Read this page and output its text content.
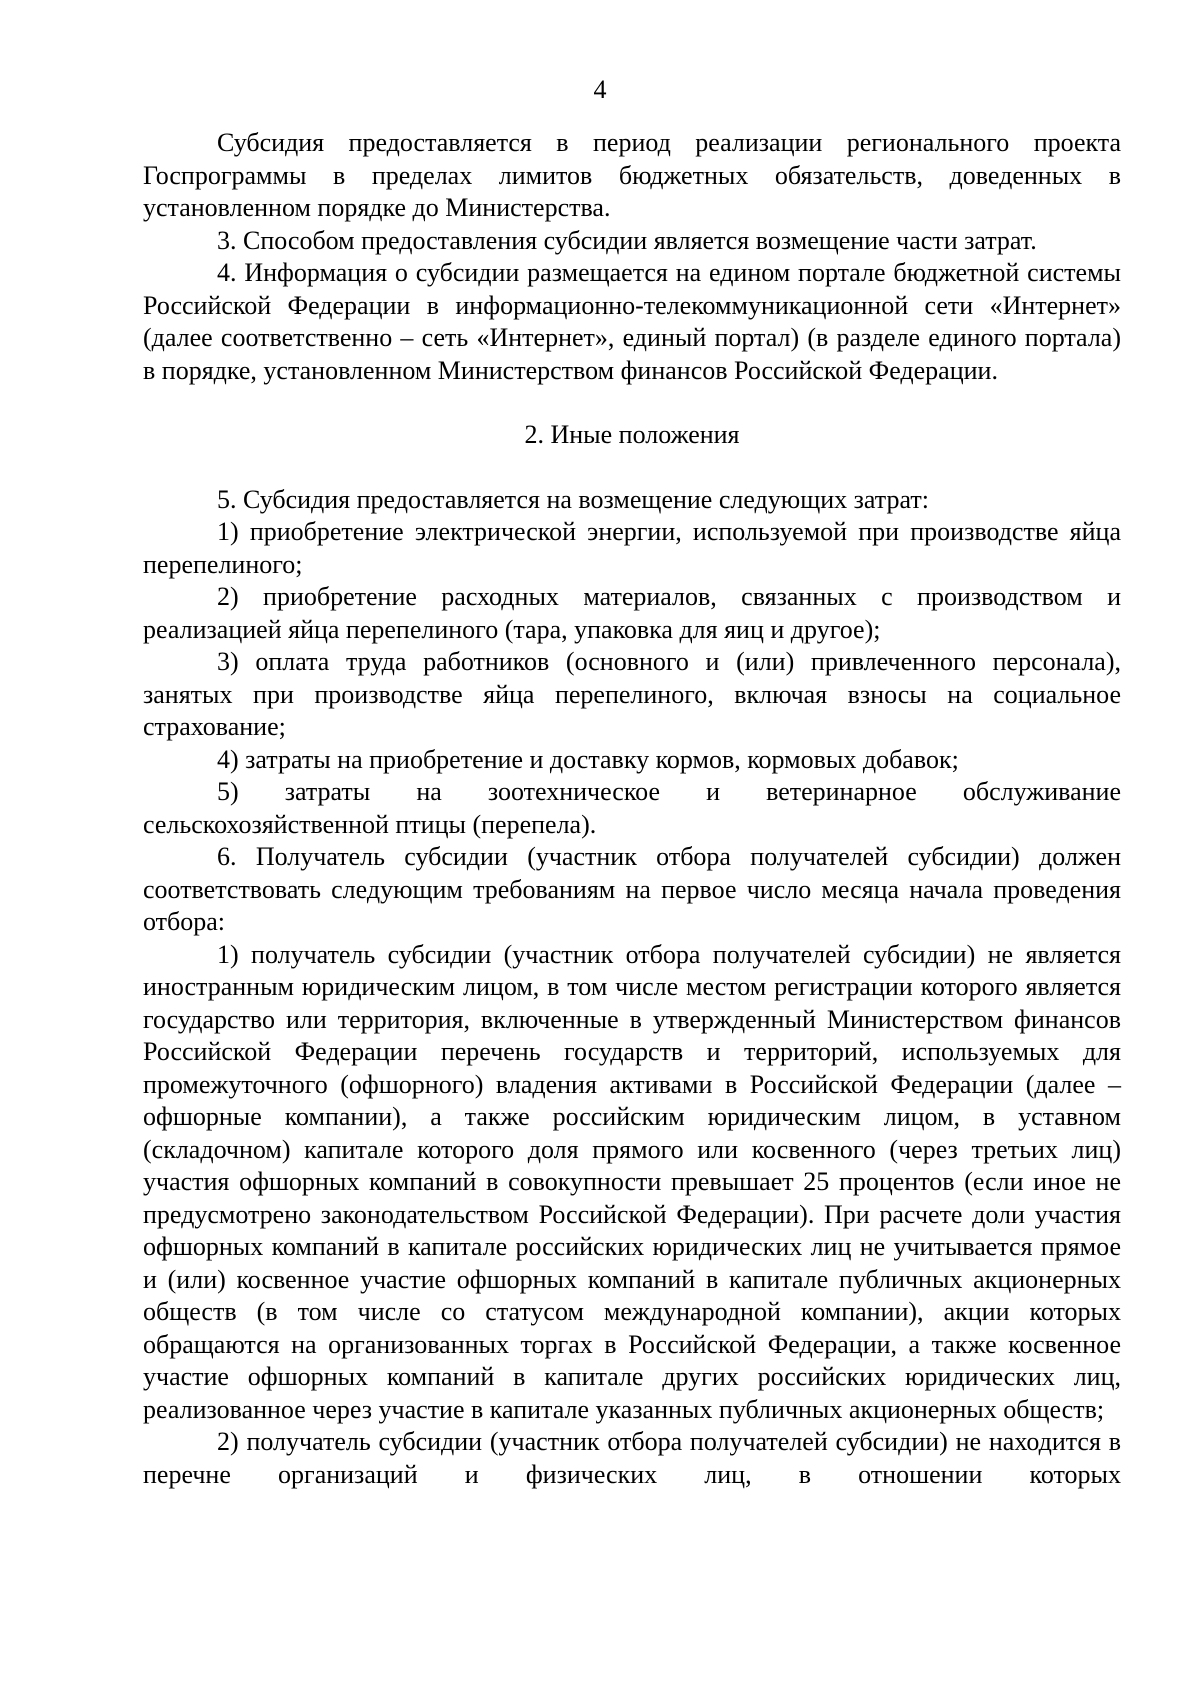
4

Субсидия предоставляется в период реализации регионального проекта Госпрограммы в пределах лимитов бюджетных обязательств, доведенных в установленном порядке до Министерства.

3. Способом предоставления субсидии является возмещение части затрат.

4. Информация о субсидии размещается на едином портале бюджетной системы Российской Федерации в информационно-телекоммуникационной сети «Интернет» (далее соответственно – сеть «Интернет», единый портал) (в разделе единого портала) в порядке, установленном Министерством финансов Российской Федерации.

2. Иные положения

5. Субсидия предоставляется на возмещение следующих затрат:

1) приобретение электрической энергии, используемой при производстве яйца перепелиного;

2) приобретение расходных материалов, связанных с производством и реализацией яйца перепелиного (тара, упаковка для яиц и другое);

3) оплата труда работников (основного и (или) привлеченного персонала), занятых при производстве яйца перепелиного, включая взносы на социальное страхование;

4) затраты на приобретение и доставку кормов, кормовых добавок;

5) затраты на зоотехническое и ветеринарное обслуживание сельскохозяйственной птицы (перепела).

6. Получатель субсидии (участник отбора получателей субсидии) должен соответствовать следующим требованиям на первое число месяца начала проведения отбора:

1) получатель субсидии (участник отбора получателей субсидии) не является иностранным юридическим лицом, в том числе местом регистрации которого является государство или территория, включенные в утвержденный Министерством финансов Российской Федерации перечень государств и территорий, используемых для промежуточного (офшорного) владения активами в Российской Федерации (далее – офшорные компании), а также российским юридическим лицом, в уставном (складочном) капитале которого доля прямого или косвенного (через третьих лиц) участия офшорных компаний в совокупности превышает 25 процентов (если иное не предусмотрено законодательством Российской Федерации). При расчете доли участия офшорных компаний в капитале российских юридических лиц не учитывается прямое и (или) косвенное участие офшорных компаний в капитале публичных акционерных обществ (в том числе со статусом международной компании), акции которых обращаются на организованных торгах в Российской Федерации, а также косвенное участие офшорных компаний в капитале других российских юридических лиц, реализованное через участие в капитале указанных публичных акционерных обществ;

2) получатель субсидии (участник отбора получателей субсидии) не находится в перечне организаций и физических лиц, в отношении которых
